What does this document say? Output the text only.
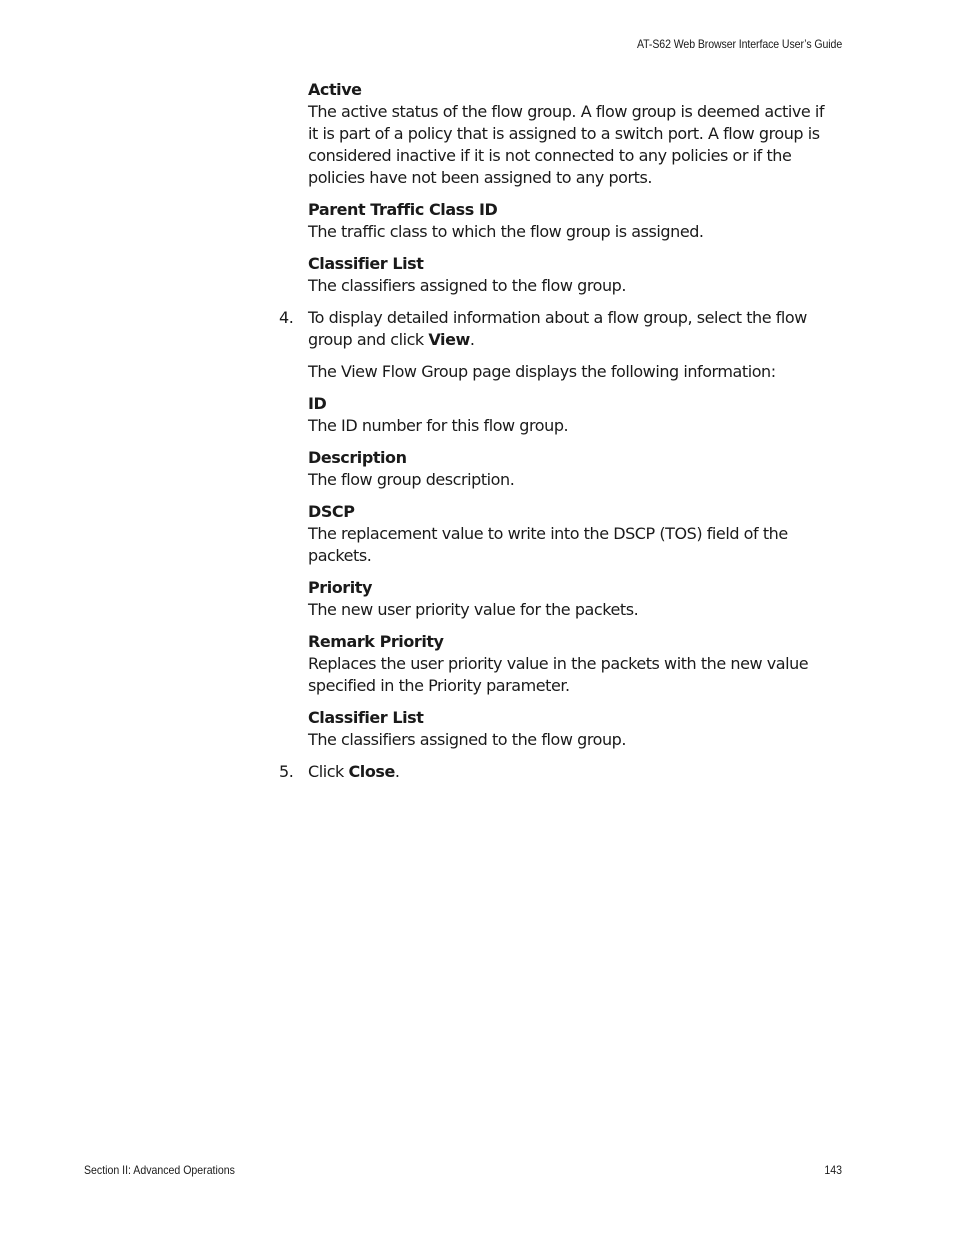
AT-S62 Web Browser Interface User’s Guide

Active

The active status of the flow group. A flow group is deemed active if it is part of a policy that is assigned to a switch port. A flow group is considered inactive if it is not connected to any policies or if the policies have not been assigned to any ports.

Parent Traffic Class ID

The traffic class to which the flow group is assigned.

Classifier List

The classifiers assigned to the flow group.

4. To display detailed information about a flow group, select the flow group and click View.

The View Flow Group page displays the following information:

ID

The ID number for this flow group.

Description

The flow group description.

DSCP

The replacement value to write into the DSCP (TOS) field of the packets.

Priority

The new user priority value for the packets.

Remark Priority

Replaces the user priority value in the packets with the new value specified in the Priority parameter.

Classifier List

The classifiers assigned to the flow group.

5. Click Close.
Section II: Advanced Operations	143
